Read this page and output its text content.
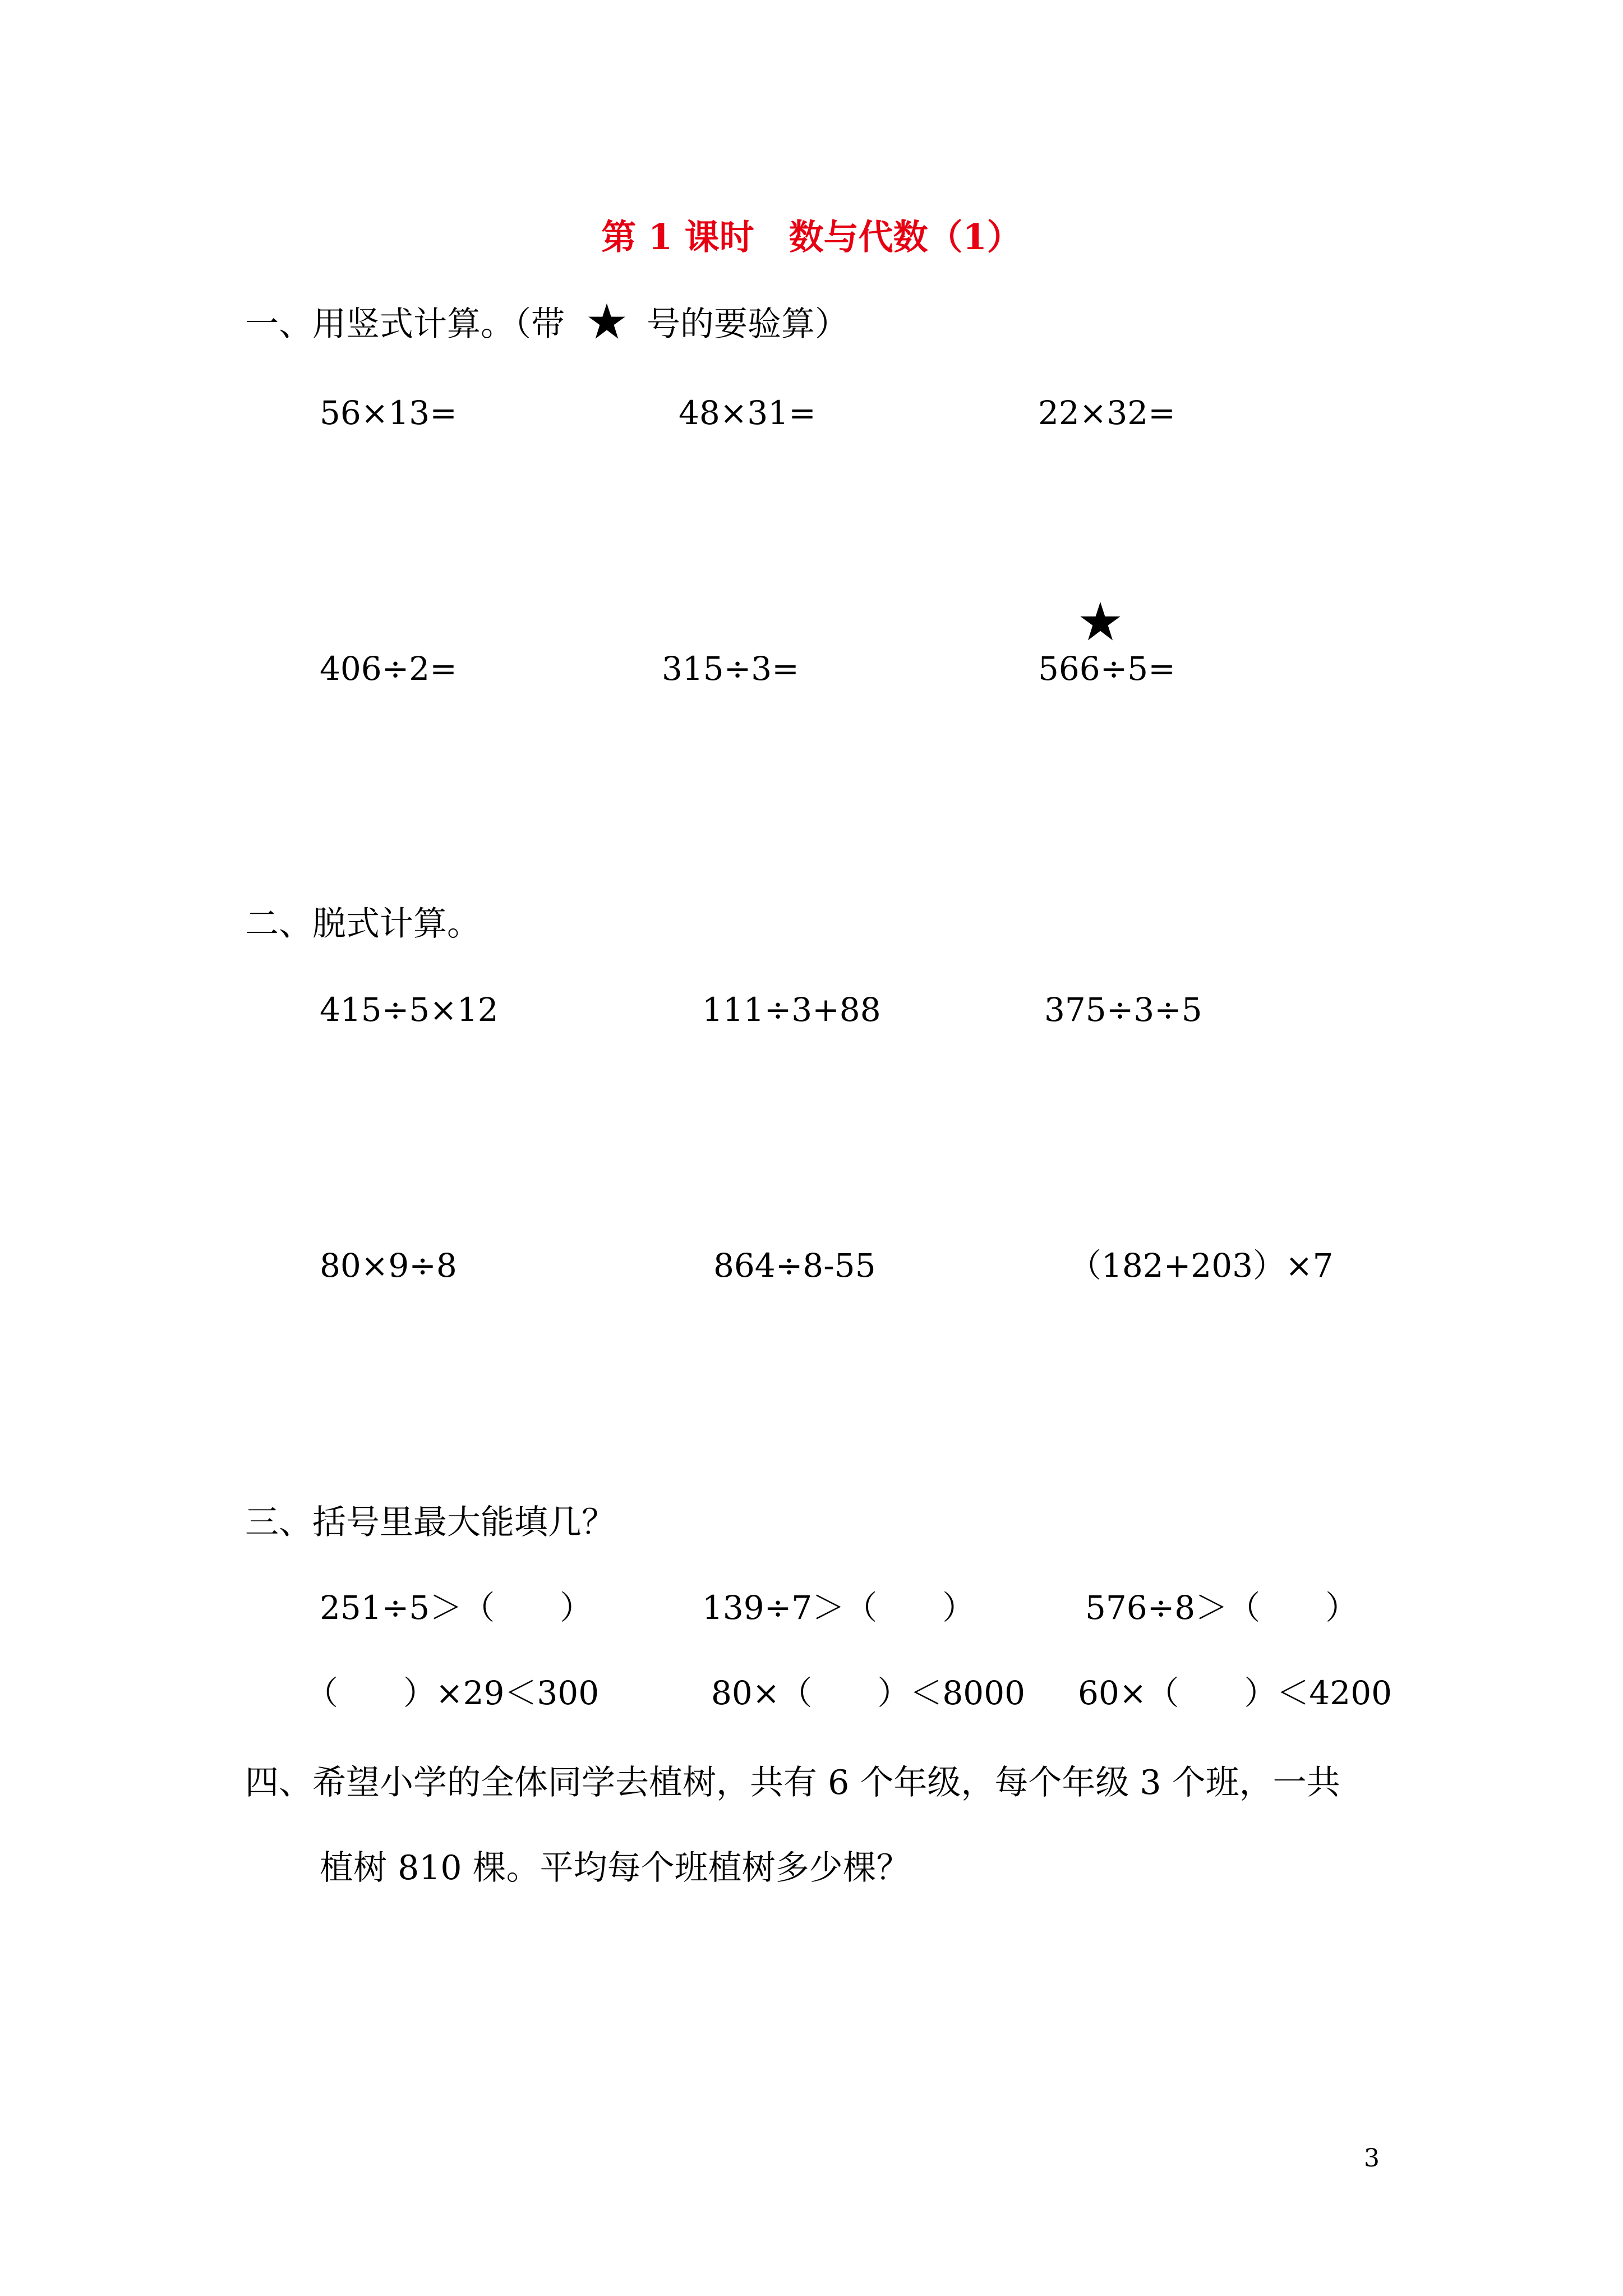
第 1 课时　数与代数（1）
一、用竖式计算。（带 号的要验算）
56×13=	48×31=	22×32=
406÷2=	315÷3=	566÷5=
二、脱式计算。
415÷5×12	111÷3+88	375÷3÷5
80×9÷8	864÷8-55	（182+203）×7
三、括号里最大能填几？
251÷5＞（　　）	139÷7＞（　　）	576÷8＞（　　）
（　　）×29＜300	80×（　　）＜8000 60×（　　）＜4200
四、希望小学的全体同学去植树，共有 6 个年级，每个年级 3 个班，一共
植树 810 棵。平均每个班植树多少棵？
3
